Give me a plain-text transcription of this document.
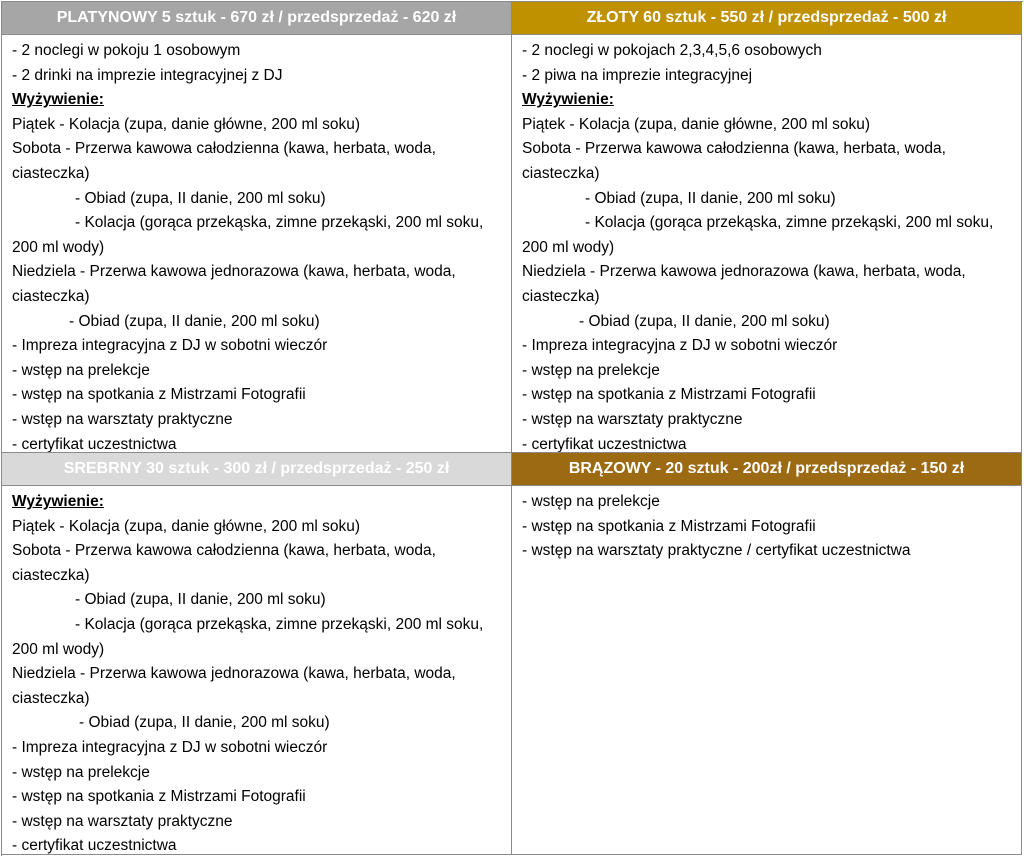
PLATYNOWY 5 sztuk - 670 zł / przedsprzedaż - 620 zł	ZŁOTY 60 sztuk - 550 zł / przedsprzedaż - 500 zł

- 2 noclegi w pokoju 1 osobowym

- 2 drinki na imprezie integracyjnej z DJ

Wyżywienie:

Piątek - Kolacja (zupa, danie główne, 200 ml soku)

Sobota - Przerwa kawowa całodzienna (kawa, herbata, woda, ciasteczka)

- Obiad (zupa, II danie, 200 ml soku)

- Kolacja (gorąca przekąska, zimne przekąski, 200 ml soku, 200 ml wody)

Niedziela - Przerwa kawowa jednorazowa (kawa, herbata, woda, ciasteczka)

- Obiad (zupa, II danie, 200 ml soku)

- Impreza integracyjna z DJ w sobotni wieczór

- wstęp na prelekcje

- wstęp na spotkania z Mistrzami Fotografii

- wstęp na warsztaty praktyczne

- certyfikat uczestnictwa

- 2 noclegi w pokojach 2,3,4,5,6 osobowych

- 2 piwa na imprezie integracyjnej

Wyżywienie:

Piątek - Kolacja (zupa, danie główne, 200 ml soku)

Sobota - Przerwa kawowa całodzienna (kawa, herbata, woda, ciasteczka)

- Obiad (zupa, II danie, 200 ml soku)

- Kolacja (gorąca przekąska, zimne przekąski, 200 ml soku, 200 ml wody)

Niedziela - Przerwa kawowa jednorazowa (kawa, herbata, woda, ciasteczka)

- Obiad (zupa, II danie, 200 ml soku)

- Impreza integracyjna z DJ w sobotni wieczór

- wstęp na prelekcje

- wstęp na spotkania z Mistrzami Fotografii

- wstęp na warsztaty praktyczne

- certyfikat uczestnictwa

SREBRNY 30 sztuk - 300 zł / przedsprzedaż - 250 zł	BRĄZOWY - 20 sztuk - 200zł / przedsprzedaż - 150 zł

Wyżywienie:

Piątek - Kolacja (zupa, danie główne, 200 ml soku)

Sobota - Przerwa kawowa całodzienna (kawa, herbata, woda, ciasteczka)

- Obiad (zupa, II danie, 200 ml soku)

- Kolacja (gorąca przekąska, zimne przekąski, 200 ml soku, 200 ml wody)

Niedziela - Przerwa kawowa jednorazowa (kawa, herbata, woda, ciasteczka)

- Obiad (zupa, II danie, 200 ml soku)

- Impreza integracyjna z DJ w sobotni wieczór

- wstęp na prelekcje

- wstęp na spotkania z Mistrzami Fotografii

- wstęp na warsztaty praktyczne

- certyfikat uczestnictwa

- wstęp na prelekcje

- wstęp na spotkania z Mistrzami Fotografii

- wstęp na warsztaty praktyczne / certyfikat uczestnictwa
